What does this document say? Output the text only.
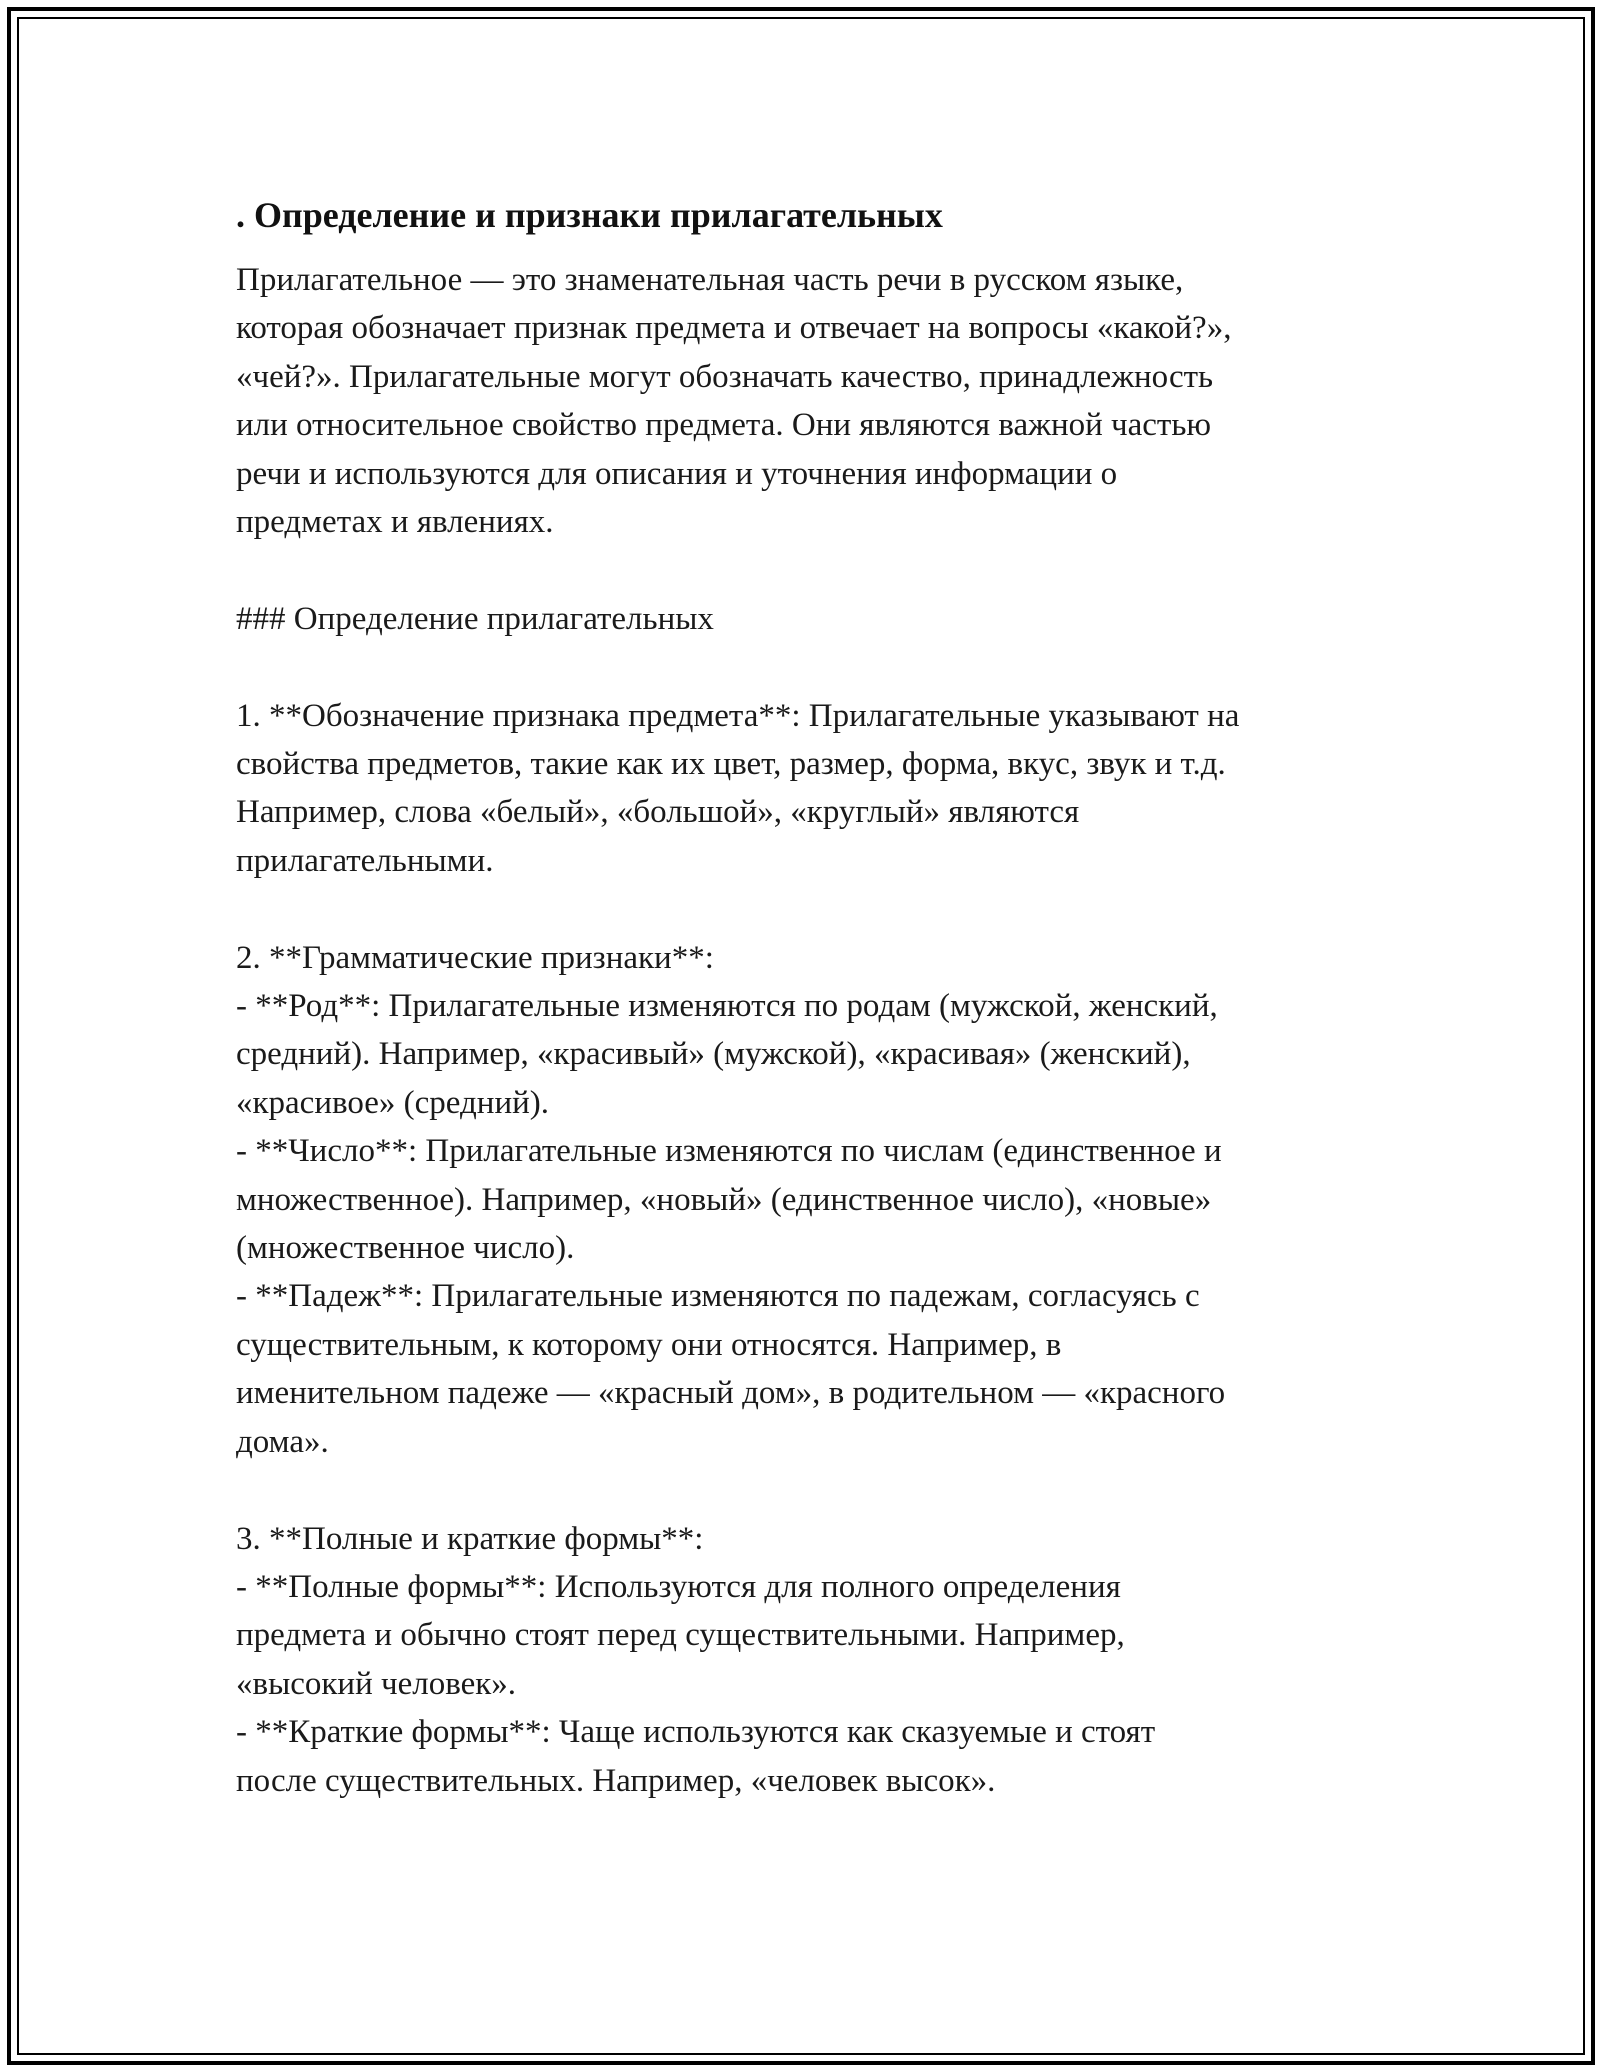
. Определение и признаки прилагательных

Прилагательное — это знаменательная часть речи в русском языке,
которая обозначает признак предмета и отвечает на вопросы «какой?»,
«чей?». Прилагательные могут обозначать качество, принадлежность
или относительное свойство предмета. Они являются важной частью
речи и используются для описания и уточнения информации о
предметах и явлениях.

### Определение прилагательных

1. **Обозначение признака предмета**: Прилагательные указывают на
свойства предметов, такие как их цвет, размер, форма, вкус, звук и т.д.
Например, слова «белый», «большой», «круглый» являются
прилагательными.

2. **Грамматические признаки**:

- **Род**: Прилагательные изменяются по родам (мужской, женский,
средний). Например, «красивый» (мужской), «красивая» (женский),
«красивое» (средний).

- **Число**: Прилагательные изменяются по числам (единственное и
множественное). Например, «новый» (единственное число), «новые»
(множественное число).

- **Падеж**: Прилагательные изменяются по падежам, согласуясь с
существительным, к которому они относятся. Например, в
именительном падеже — «красный дом», в родительном — «красного
дома».

3. **Полные и краткие формы**:

- **Полные формы**: Используются для полного определения
предмета и обычно стоят перед существительными. Например,
«высокий человек».

- **Краткие формы**: Чаще используются как сказуемые и стоят
после существительных. Например, «человек высок».
